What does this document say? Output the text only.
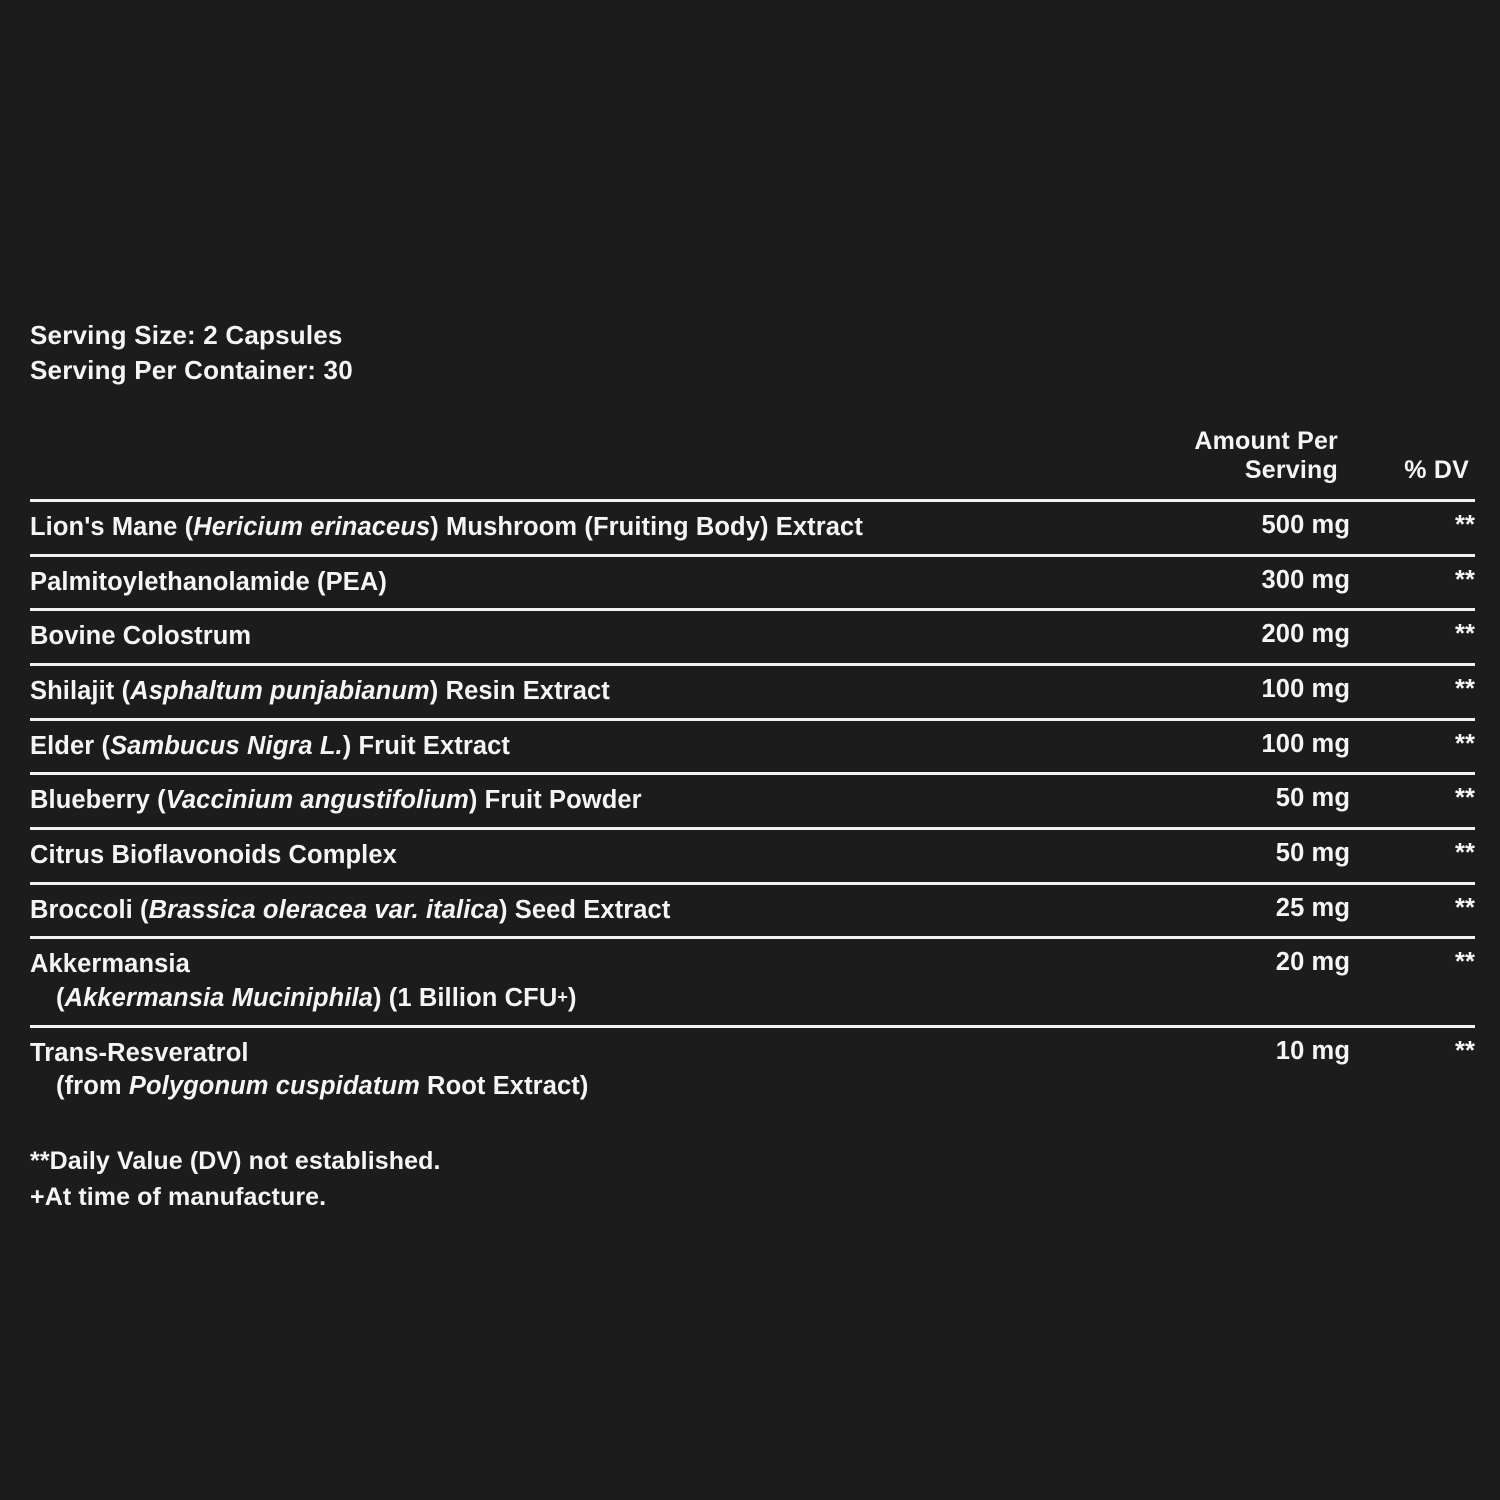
Serving Size: 2 Capsules
Serving Per Container: 30
	Amount Per Serving	% DV
Lion's Mane (Hericium erinaceus) Mushroom (Fruiting Body) Extract	500 mg	**
Palmitoylethanolamide (PEA)	300 mg	**
Bovine Colostrum	200 mg	**
Shilajit (Asphaltum punjabianum) Resin Extract	100 mg	**
Elder (Sambucus Nigra L.) Fruit Extract	100 mg	**
Blueberry (Vaccinium angustifolium) Fruit Powder	50 mg	**
Citrus Bioflavonoids Complex	50 mg	**
Broccoli (Brassica oleracea var. italica) Seed Extract	25 mg	**
Akkermansia
(Akkermansia Muciniphila) (1 Billion CFU+)	20 mg	**
Trans-Resveratrol
(from Polygonum cuspidatum Root Extract)	10 mg	**
**Daily Value (DV) not established.
+At time of manufacture.
